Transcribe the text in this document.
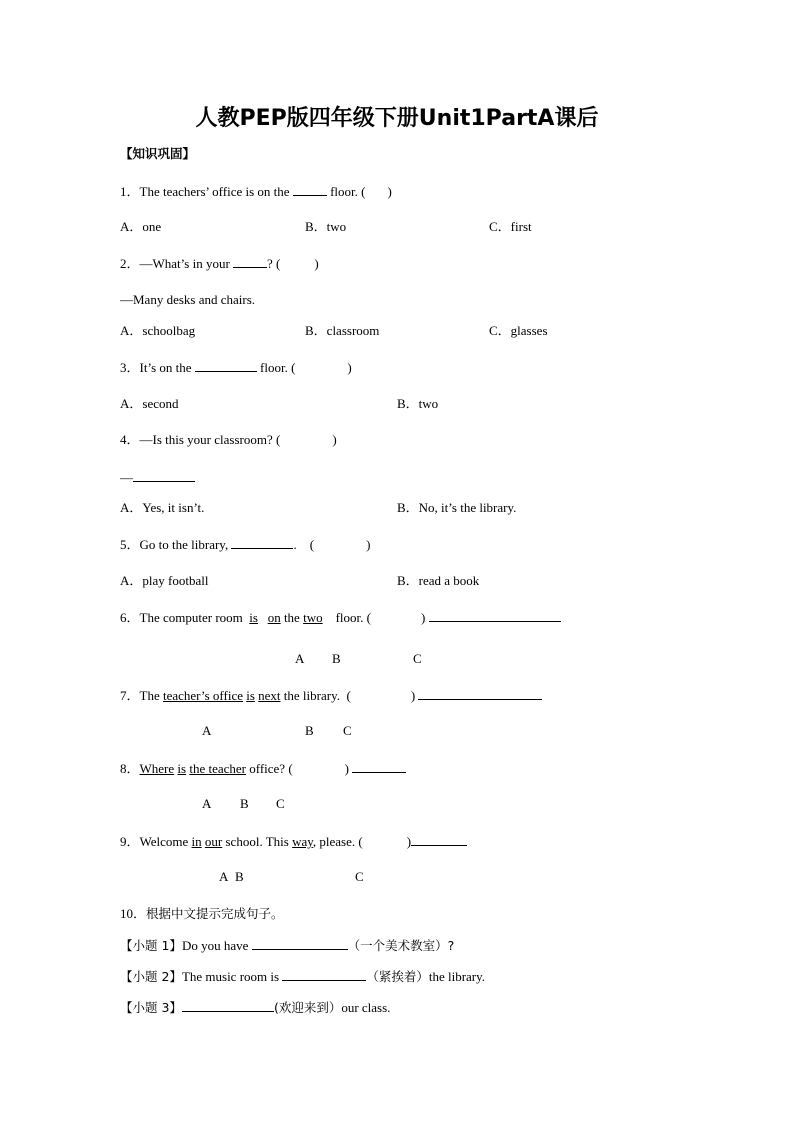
人教PEP版四年级下册Unit1PartA课后
【知识巩固】
1．The teachers’ office is on the	floor. ( )
A．one	B．two	C．first
2．—What’s in your	? (	)
—Many desks and chairs.
A．schoolbag	B．classroom	C．glasses
3．It’s on the	floor. (	)
A．second	B．two
4．—Is this your classroom? (	)
—
A．Yes, it isn’t.	B．No, it’s the library.
5．Go to the library,	.    (	)
A．play football	B．read a book
6．The computer room  is on the two    floor. (	)
A B	C
7．The teacher’s office is next the library.  (	)
A	B C
8．Where is the teacher office? (	)
A B C
9．Welcome in our school. This way, please. (	)
A B	C
10．根据中文提示完成句子。
【小题 1】Do you have	（一个美术教室）?
【小题 2】The music room is	（紧挨着）the library.
【小题 3】	(欢迎来到）our class.
